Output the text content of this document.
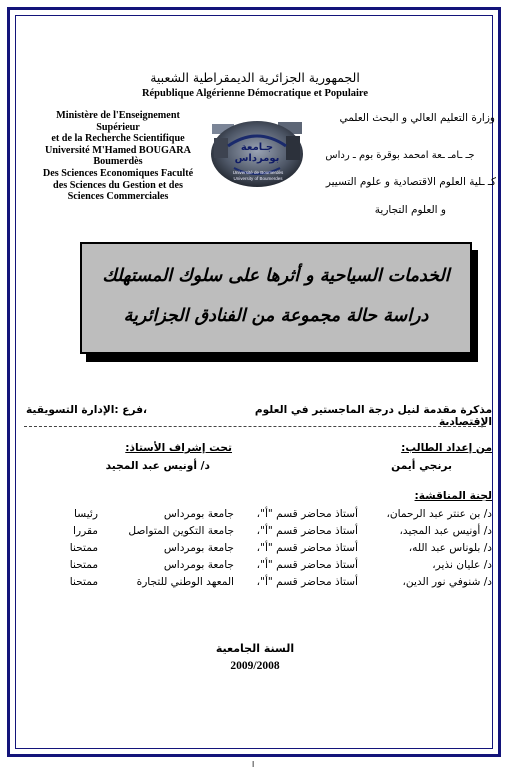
الجمهورية الجزائرية الديمقراطية الشعبية
République Algérienne Démocratique et Populaire
Ministère de l'Enseignement
Supérieur
et de la Recherche Scientifique
Université M'Hamed BOUGARA
Boumerdès
Des Sciences Economiques Faculté
des Sciences du Gestion et des
Sciences Commerciales
وزارة التعليم العالي و البحث العلمي
جـ ـامـ ـعة امحمد بوقرة بوم ـ رداس
كـ ـلية العلوم الاقتصادية و علوم التسيير
و العلوم التجارية
جـامعة بومرداس
Université de Boumerdès
University of Boumerdes
الخدمات السياحية و أثرها على سلوك المستهلك
دراسة حالة مجموعة من الفنادق الجزائرية
مذكرة مقدمة لنيل درجة الماجستير في العلوم الإقتصادية
،فرع :الإدارة التسويقية
من إعداد الطالب:
برنجي أيمن
تحت إشراف الأستاذ:
د/ أونيس عبد المجيد
لجنة المناقشة:
د/ بن عنتر عبد الرحمان،
أستاذ محاضر قسم "أ"،
جامعة بومرداس
رئيسا
د/ أونيس عبد المجيد،
أستاذ محاضر قسم "أ"،
جامعة التكوين المتواصل
مقررا
د/ بلوناس عبد الله،
أستاذ محاضر قسم "أ"،
جامعة بومرداس
ممتحنا
د/ عليان نذير،
أستاذ محاضر قسم "أ"،
جامعة بومرداس
ممتحنا
د/ شنوفي نور الدين،
أستاذ محاضر قسم "أ"،
المعهد الوطني للتجارة
ممتحنا
السنة الجامعية
2009/2008
I
